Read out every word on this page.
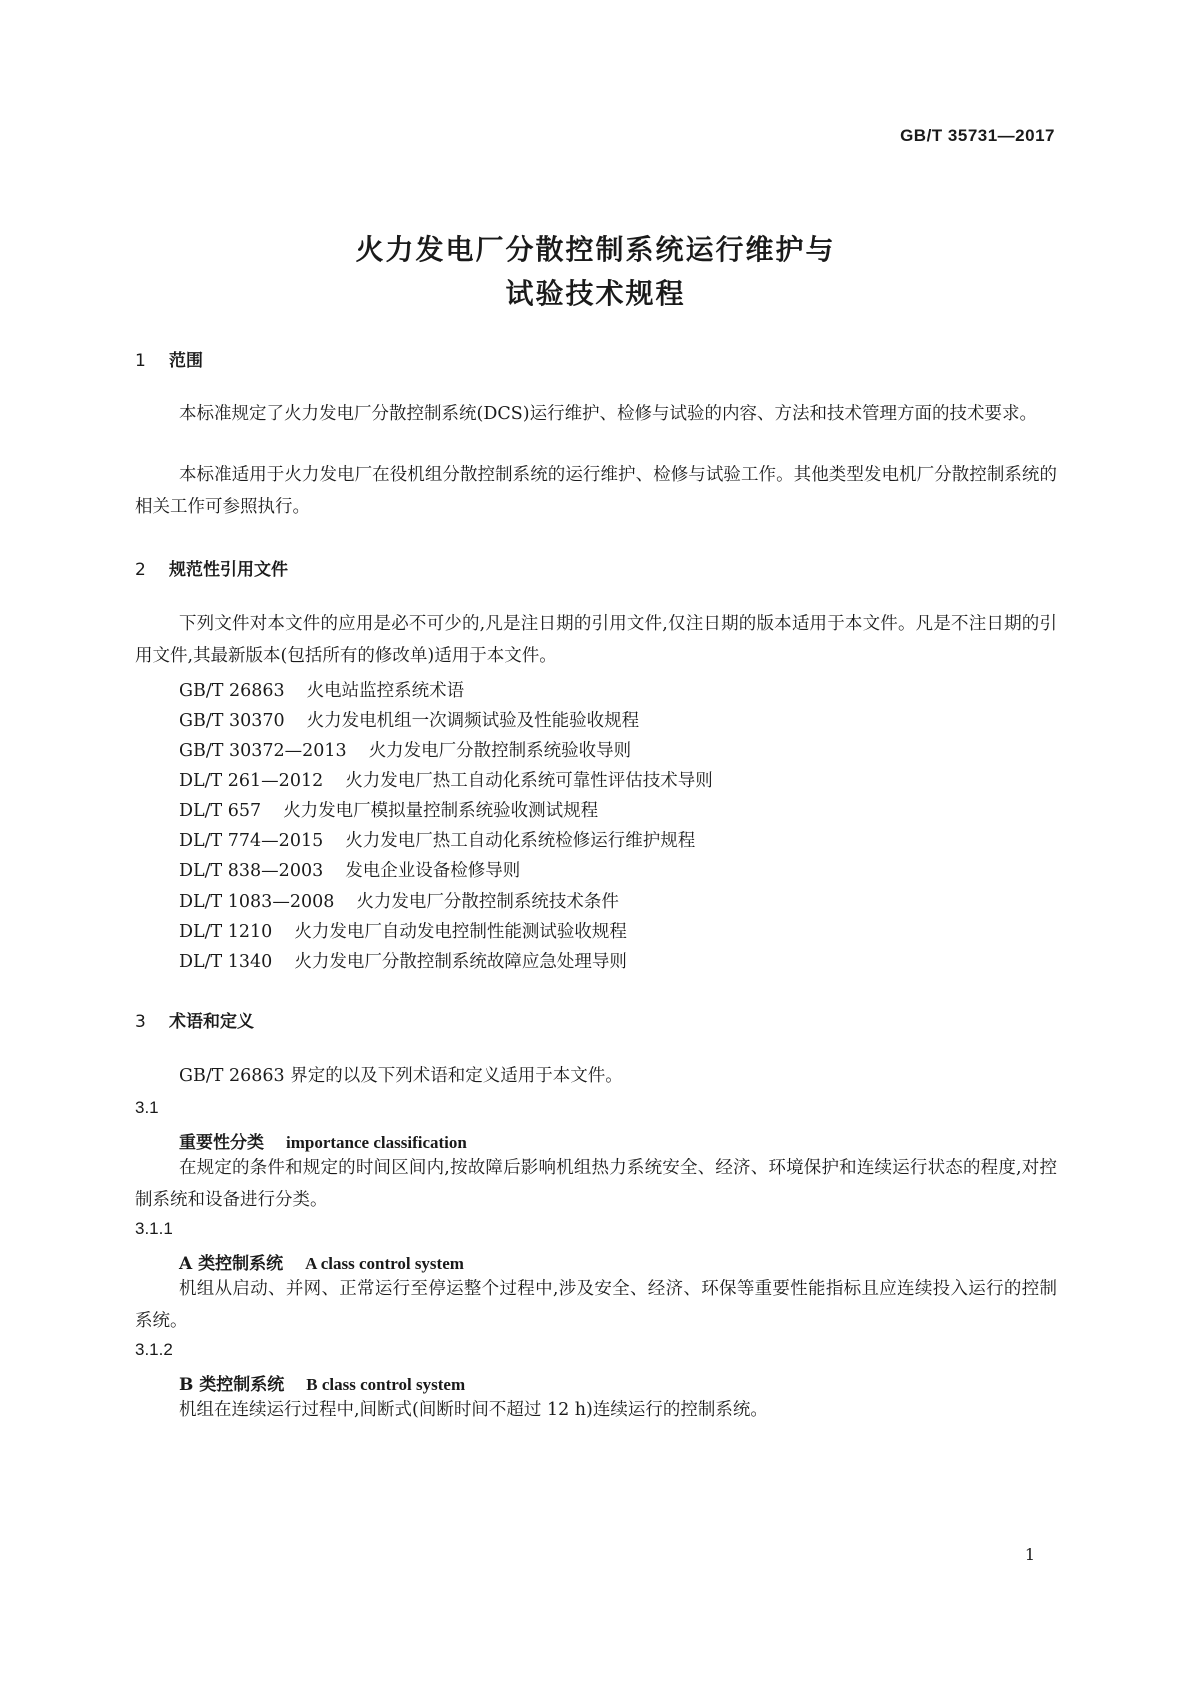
GB/T 35731—2017
火力发电厂分散控制系统运行维护与
试验技术规程
1 范围
本标准规定了火力发电厂分散控制系统(DCS)运行维护、检修与试验的内容、方法和技术管理方面的技术要求。
本标准适用于火力发电厂在役机组分散控制系统的运行维护、检修与试验工作。其他类型发电机厂分散控制系统的相关工作可参照执行。
2 规范性引用文件
下列文件对本文件的应用是必不可少的,凡是注日期的引用文件,仅注日期的版本适用于本文件。凡是不注日期的引用文件,其最新版本(包括所有的修改单)适用于本文件。
GB/T 26863 火电站监控系统术语
GB/T 30370 火力发电机组一次调频试验及性能验收规程
GB/T 30372—2013 火力发电厂分散控制系统验收导则
DL/T 261—2012 火力发电厂热工自动化系统可靠性评估技术导则
DL/T 657 火力发电厂模拟量控制系统验收测试规程
DL/T 774—2015 火力发电厂热工自动化系统检修运行维护规程
DL/T 838—2003 发电企业设备检修导则
DL/T 1083—2008 火力发电厂分散控制系统技术条件
DL/T 1210 火力发电厂自动发电控制性能测试验收规程
DL/T 1340 火力发电厂分散控制系统故障应急处理导则
3 术语和定义
GB/T 26863 界定的以及下列术语和定义适用于本文件。
3.1
重要性分类 importance classification
在规定的条件和规定的时间区间内,按故障后影响机组热力系统安全、经济、环境保护和连续运行状态的程度,对控制系统和设备进行分类。
3.1.1
A 类控制系统 A class control system
机组从启动、并网、正常运行至停运整个过程中,涉及安全、经济、环保等重要性能指标且应连续投入运行的控制系统。
3.1.2
B 类控制系统 B class control system
机组在连续运行过程中,间断式(间断时间不超过 12 h)连续运行的控制系统。
1
